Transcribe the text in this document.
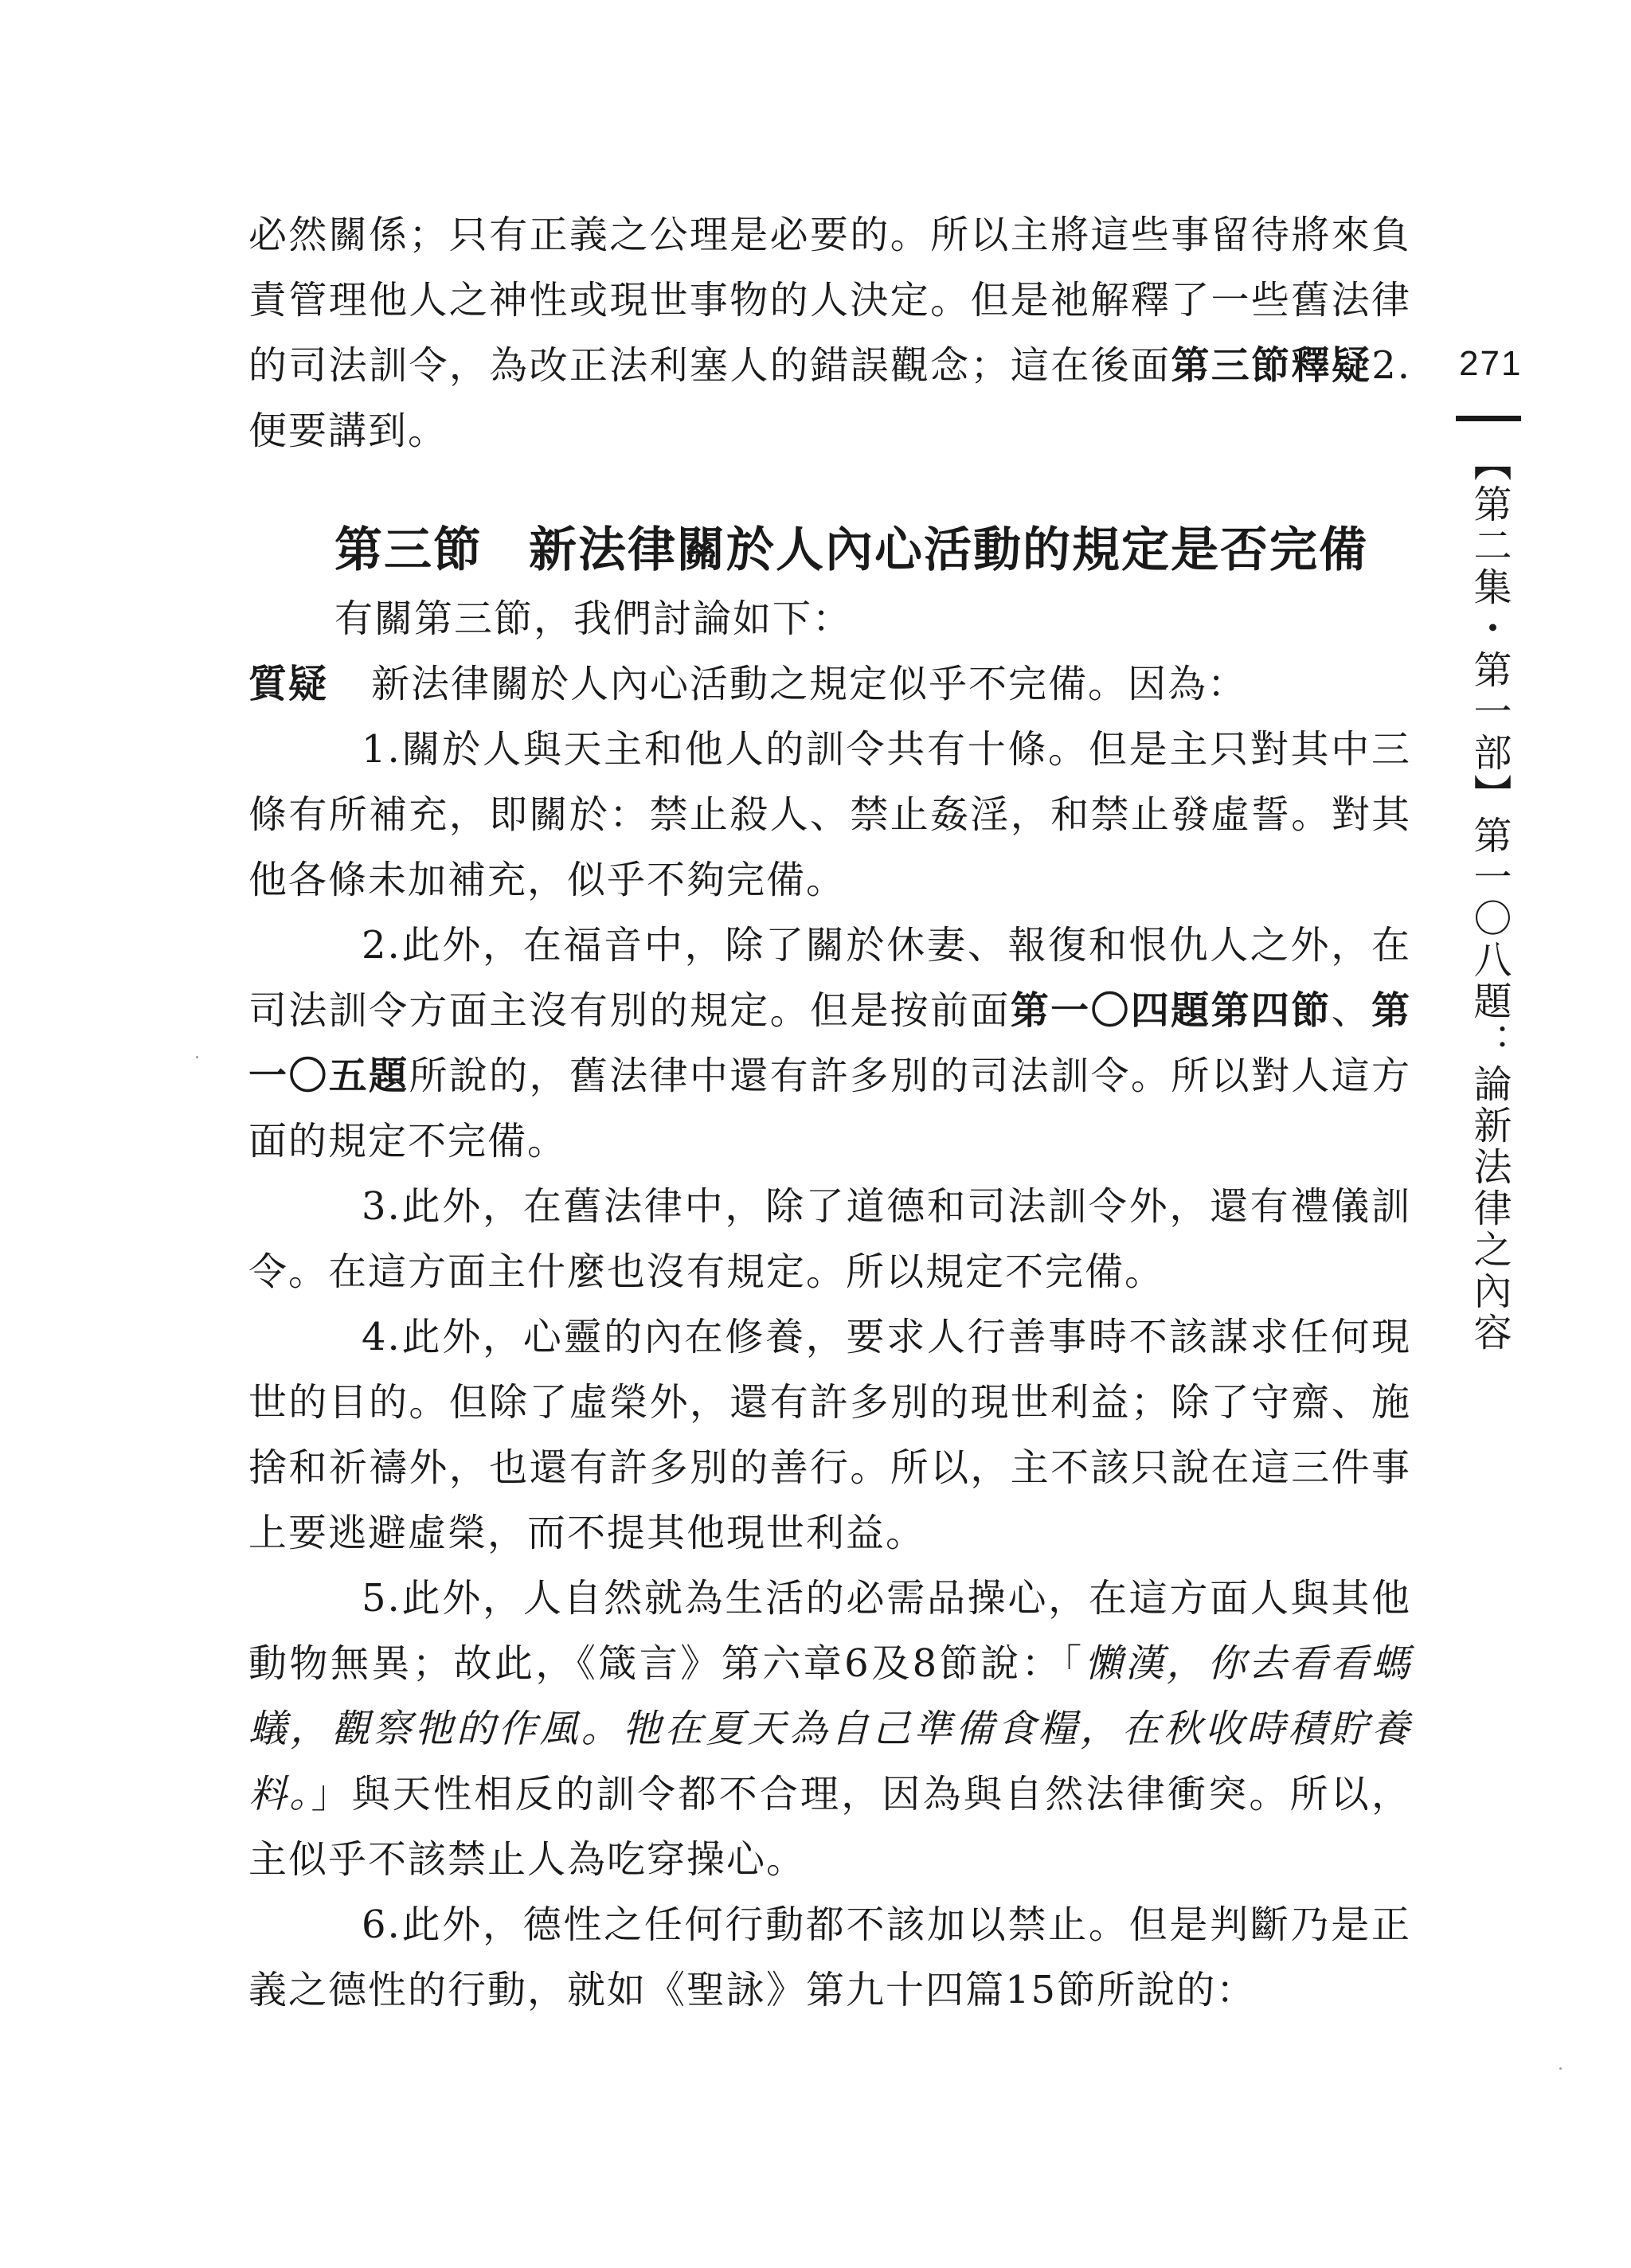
必然關係；只有正義之公理是必要的。所以主將這些事留待將來負責管理他人之神性或現世事物的人決定。但是祂解釋了一些舊法律的司法訓令，為改正法利塞人的錯誤觀念；這在後面第三節釋疑2.便要講到。

第三節 新法律關於人內心活動的規定是否完備

有關第三節，我們討論如下：

質疑	新法律關於人內心活動之規定似乎不完備。因為：

1.關於人與天主和他人的訓令共有十條。但是主只對其中三條有所補充，即關於：禁止殺人、禁止姦淫，和禁止發虛誓。對其他各條未加補充，似乎不夠完備。

2.此外，在福音中，除了關於休妻、報復和恨仇人之外，在司法訓令方面主沒有別的規定。但是按前面第一〇四題第四節、第一〇五題所說的，舊法律中還有許多別的司法訓令。所以對人這方面的規定不完備。

3.此外，在舊法律中，除了道德和司法訓令外，還有禮儀訓令。在這方面主什麼也沒有規定。所以規定不完備。

4.此外，心靈的內在修養，要求人行善事時不該謀求任何現世的目的。但除了虛榮外，還有許多別的現世利益；除了守齋、施捨和祈禱外，也還有許多別的善行。所以，主不該只說在這三件事上要逃避虛榮，而不提其他現世利益。

5.此外，人自然就為生活的必需品操心，在這方面人與其他動物無異；故此，《箴言》第六章6及8節說：「懶漢，你去看看螞蟻，觀察牠的作風。牠在夏天為自己準備食糧，在秋收時積貯養料。」與天性相反的訓令都不合理，因為與自然法律衝突。所以，主似乎不該禁止人為吃穿操心。

6.此外，德性之任何行動都不該加以禁止。但是判斷乃是正義之德性的行動，就如《聖詠》第九十四篇15節所說的：

271
【第二集・第一部】第一〇八題：論新法律之內容
